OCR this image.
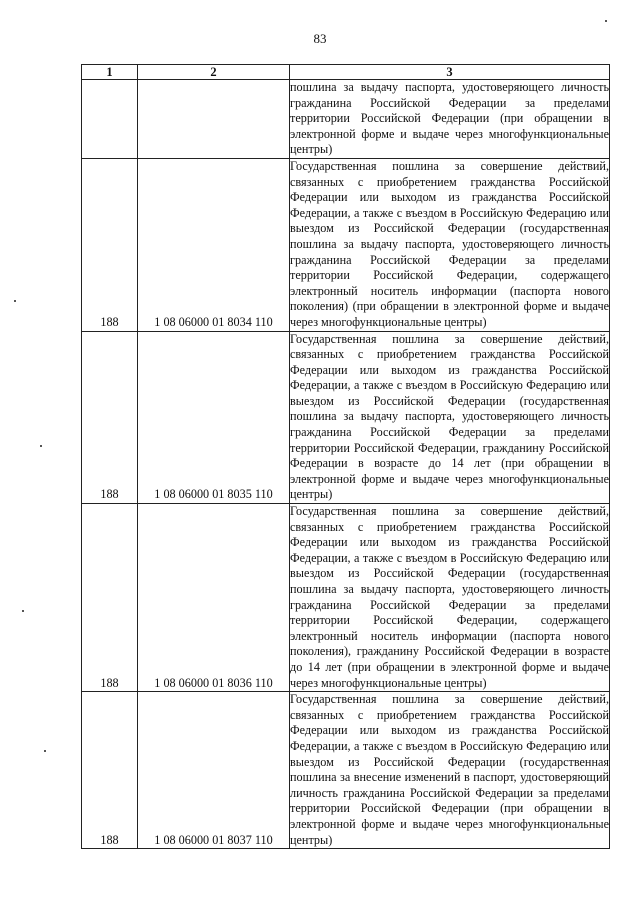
83
1	2	3
		пошлина за выдачу паспорта, удостоверяющего личность гражданина Российской Федерации за пределами территории Российской Федерации (при обращении в электронной форме и выдаче через многофункциональные центры)
188	1 08 06000 01 8034 110	Государственная пошлина за совершение действий, связанных с приобретением гражданства Российской Федерации или выходом из гражданства Российской Федерации, а также с въездом в Российскую Федерацию или выездом из Российской Федерации (государственная пошлина за выдачу паспорта, удостоверяющего личность гражданина Российской Федерации за пределами территории Российской Федерации, содержащего электронный носитель информации (паспорта нового поколения) (при обращении в электронной форме и выдаче через многофункциональные центры)
188	1 08 06000 01 8035 110	Государственная пошлина за совершение действий, связанных с приобретением гражданства Российской Федерации или выходом из гражданства Российской Федерации, а также с въездом в Российскую Федерацию или выездом из Российской Федерации (государственная пошлина за выдачу паспорта, удостоверяющего личность гражданина Российской Федерации за пределами территории Российской Федерации, гражданину Российской Федерации в возрасте до 14 лет (при обращении в электронной форме и выдаче через многофункциональные центры)
188	1 08 06000 01 8036 110	Государственная пошлина за совершение действий, связанных с приобретением гражданства Российской Федерации или выходом из гражданства Российской Федерации, а также с въездом в Российскую Федерацию или выездом из Российской Федерации (государственная пошлина за выдачу паспорта, удостоверяющего личность гражданина Российской Федерации за пределами территории Российской Федерации, содержащего электронный носитель информации (паспорта нового поколения), гражданину Российской Федерации в возрасте до 14 лет (при обращении в электронной форме и выдаче через многофункциональные центры)
188	1 08 06000 01 8037 110	Государственная пошлина за совершение действий, связанных с приобретением гражданства Российской Федерации или выходом из гражданства Российской Федерации, а также с въездом в Российскую Федерацию или выездом из Российской Федерации (государственная пошлина за внесение изменений в паспорт, удостоверяющий личность гражданина Российской Федерации за пределами территории Российской Федерации (при обращении в электронной форме и выдаче через многофункциональные центры)
